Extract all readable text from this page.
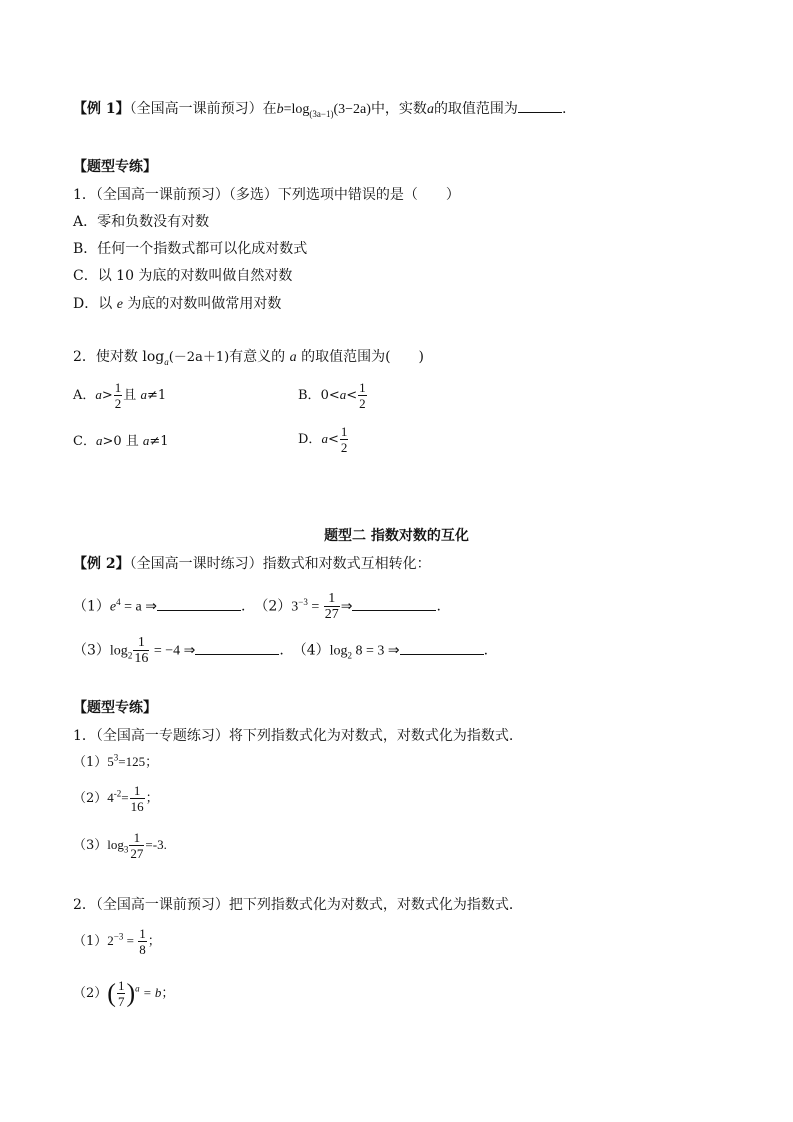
【例 1】（全国高一课前预习）在$b=\log_{(3a-1)}(3-2a)$中，实数a的取值范围为	.
【题型专练】
1．（全国高一课前预习）（多选）下列选项中错误的是（　　）
A．零和负数没有对数
B．任何一个指数式都可以化成对数式
C．以 10 为底的对数叫做自然对数
D．以 e 为底的对数叫做常用对数
2．使对数 $\log_a(-2a+1)$有意义的 a 的取值范围为(　　)
A．$a> \frac{1}{2}$ 且 a≠1	B．$0<a< \frac{1}{2}$
C．a>0 且 a≠1	D．$a< \frac{1}{2}$
题型二 指数对数的互化
【例 2】（全国高一课时练习）指数式和对数式互相转化：
$(1)e^4 = a$ ⇒	. $(2)3^{-3} = \frac{1}{27}$ ⇒	.
$(3)\log_2 \frac{1}{16} = -4$ ⇒	. $(4)\log_2$ 8 = 3 ⇒	.
【题型专练】
1．（全国高一专题练习）将下列指数式化为对数式，对数式化为指数式.
$(1)5^3=125$；
$(2)4^{-2}= \frac{1}{16}$ ；
$(3)\log_3 \frac{1}{27} =-3$.
2．（全国高一课前预习）把下列指数式化为对数式，对数式化为指数式．
$(1)2^{-3} = \frac{1}{8}$ ；
$(2)( \frac{1}{7} )^a = b$；
